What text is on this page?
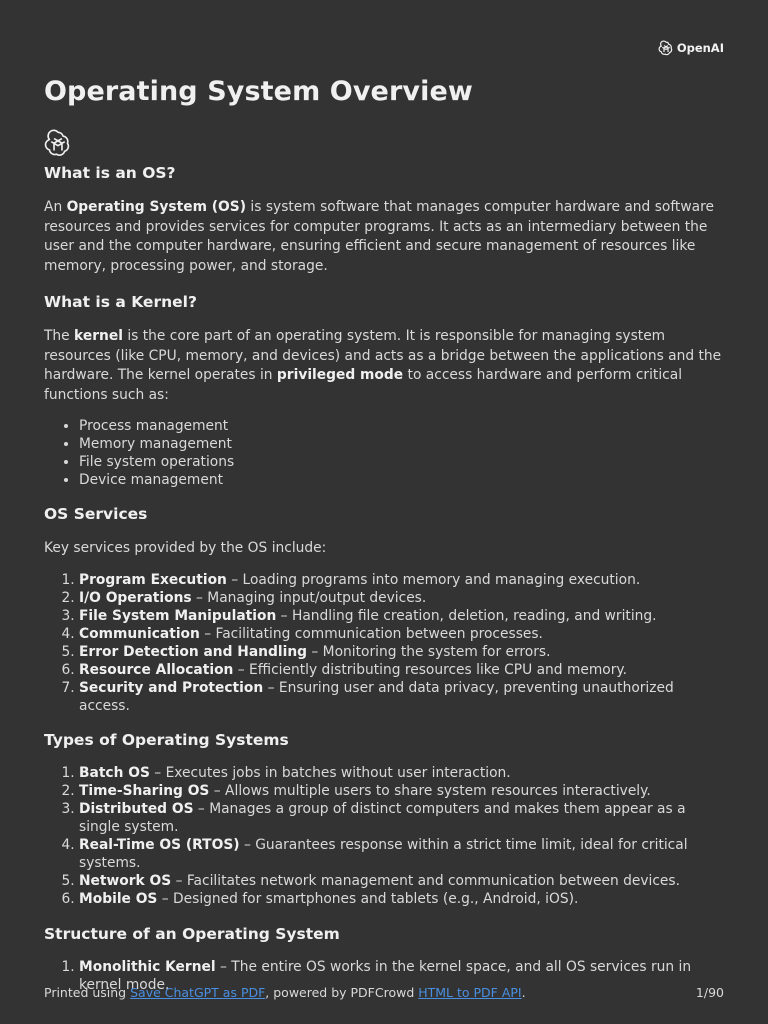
OpenAI
Operating System Overview
What is an OS?

An Operating System (OS) is system software that manages computer hardware and software resources and provides services for computer programs. It acts as an intermediary between the user and the computer hardware, ensuring efficient and secure management of resources like memory, processing power, and storage.

What is a Kernel?

The kernel is the core part of an operating system. It is responsible for managing system resources (like CPU, memory, and devices) and acts as a bridge between the applications and the hardware. The kernel operates in privileged mode to access hardware and perform critical functions such as:

• Process management
• Memory management
• File system operations
• Device management
OS Services

Key services provided by the OS include:

1. Program Execution – Loading programs into memory and managing execution.
2. I/O Operations – Managing input/output devices.
3. File System Manipulation – Handling file creation, deletion, reading, and writing.
4. Communication – Facilitating communication between processes.
5. Error Detection and Handling – Monitoring the system for errors.
6. Resource Allocation – Efficiently distributing resources like CPU and memory.
7. Security and Protection – Ensuring user and data privacy, preventing unauthorized access.
Types of Operating Systems
1. Batch OS – Executes jobs in batches without user interaction.
2. Time-Sharing OS – Allows multiple users to share system resources interactively.
3. Distributed OS – Manages a group of distinct computers and makes them appear as a single system.
4. Real-Time OS (RTOS) – Guarantees response within a strict time limit, ideal for critical systems.
5. Network OS – Facilitates network management and communication between devices.
6. Mobile OS – Designed for smartphones and tablets (e.g., Android, iOS).
Structure of an Operating System
1. Monolithic Kernel – The entire OS works in the kernel space, and all OS services run in kernel mode.
Printed using Save ChatGPT as PDF, powered by PDFCrowd HTML to PDF API.	1/90
